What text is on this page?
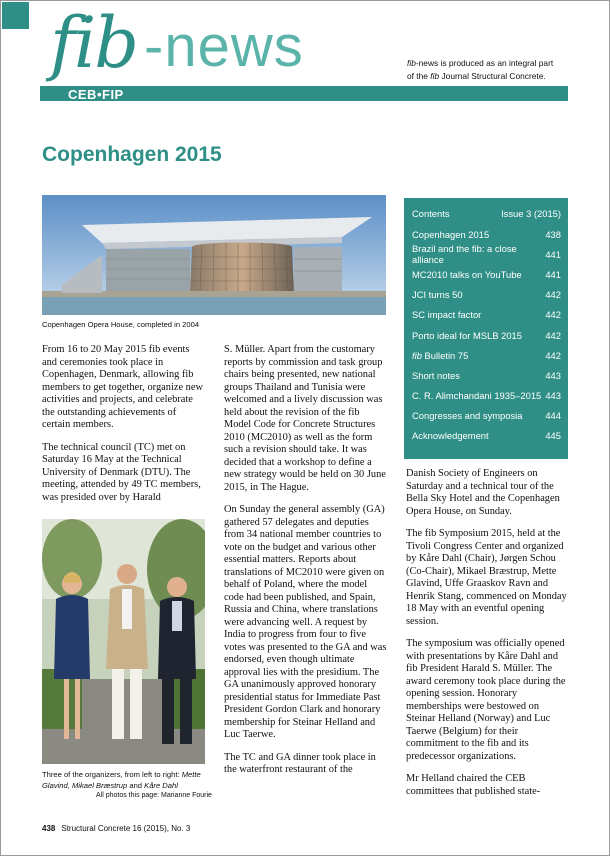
fib -news
CEB•FIP
fib-news is produced as an integral part
of the fib Journal Structural Concrete.
Copenhagen 2015
Copenhagen Opera House, completed in 2004

From 16 to 20 May 2015 fib events and ceremonies took place in Copenhagen, Denmark, allowing fib members to get together, organize new activities and projects, and celebrate the outstanding achievements of certain members.

The technical council (TC) met on Saturday 16 May at the Technical University of Denmark (DTU). The meeting, attended by 49 TC members, was presided over by Harald

Three of the organizers, from left to right: Mette
Glavind, Mikael Bræstrup and Kåre Dahl
All photos this page: Marianne Fourie

S. Müller. Apart from the customary reports by commission and task group chairs being presented, new national groups Thailand and Tunisia were welcomed and a lively discussion was held about the revision of the fib Model Code for Concrete Structures 2010 (MC2010) as well as the form such a revision should take. It was decided that a workshop to define a new strategy would be held on 30 June 2015, in The Hague.

On Sunday the general assembly (GA) gathered 57 delegates and deputies from 34 national member countries to vote on the budget and various other essential matters. Reports about translations of MC2010 were given on behalf of Poland, where the model code had been published, and Spain, Russia and China, where translations were advancing well. A request by India to progress from four to five votes was presented to the GA and was endorsed, even though ultimate approval lies with the presidium. The GA unanimously approved honorary presidential status for Immediate Past President Gordon Clark and honorary membership for Steinar Helland and Luc Taerwe.

The TC and GA dinner took place in the waterfront restaurant of the

Contents	Issue 3 (2015)
Copenhagen 2015	438
Brazil and the fib: a close alliance	441
MC2010 talks on YouTube	441
JCI turns 50	442
SC impact factor	442
Porto ideal for MSLB 2015 442
fib Bulletin 75	442
Short notes	443
C. R. Alimchandani 1935–2015 443
Congresses and symposia 444
Acknowledgement	445

Danish Society of Engineers on Saturday and a technical tour of the Bella Sky Hotel and the Copenhagen Opera House, on Sunday.

The fib Symposium 2015, held at the Tivoli Congress Center and organized by Kåre Dahl (Chair), Jørgen Schou (Co-Chair), Mikael Bræstrup, Mette Glavind, Uffe Graaskov Ravn and Henrik Stang, commenced on Monday 18 May with an eventful opening session.

The symposium was officially opened with presentations by Kåre Dahl and fib President Harald S. Müller. The award ceremony took place during the opening session. Honorary memberships were bestowed on Steinar Helland (Norway) and Luc Taerwe (Belgium) for their commitment to the fib and its predecessor organizations.

Mr Helland chaired the CEB committees that published state-

438 Structural Concrete 16 (2015), No. 3
